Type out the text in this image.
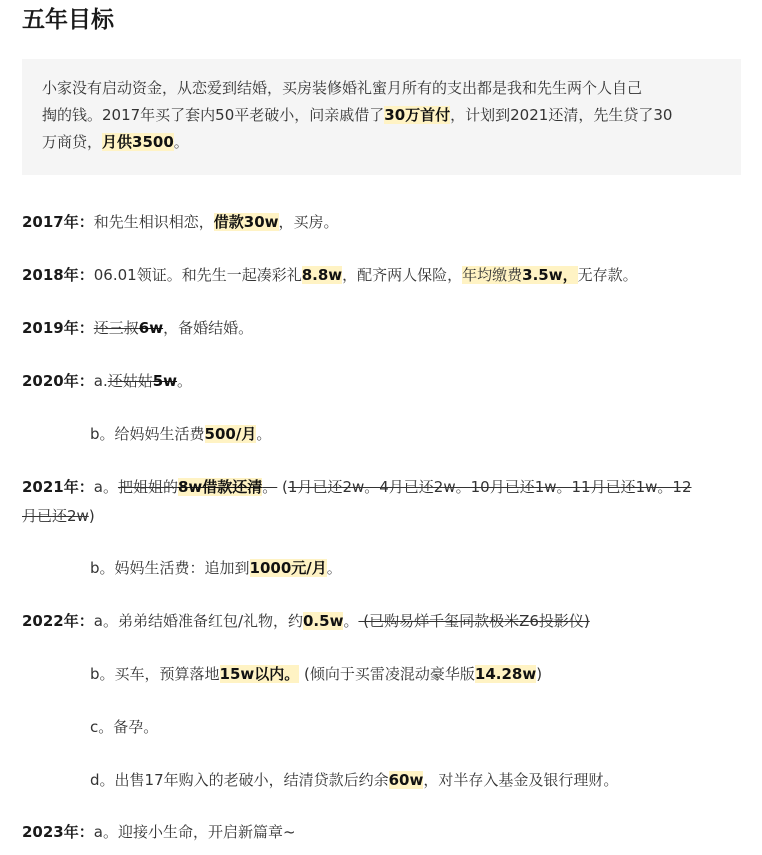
五年目标
小家没有启动资金，从恋爱到结婚，买房装修婚礼蜜月所有的支出都是我和先生两个人自己
掏的钱。2017年买了套内50平老破小，问亲戚借了30万首付，计划到2021还清，先生贷了30
万商贷，月供3500。
2017年：和先生相识相恋，借款30w，买房。
2018年：06.01领证。和先生一起凑彩礼8.8w，配齐两人保险，年均缴费3.5w，无存款。
2019年：还三叔6w，备婚结婚。
2020年：a.还姑姑5w。
b。给妈妈生活费500/月。
2021年：a。把姐姐的8w借款还清。 (1月已还2w。4月已还2w。10月已还1w。11月已还1w。12
月已还2w)
b。妈妈生活费：追加到1000元/月。
2022年：a。弟弟结婚准备红包/礼物，约0.5w。 (已购易烊千玺同款极米Z6投影仪)
b。买车，预算落地15w以内。 (倾向于买雷凌混动豪华版14.28w)
c。备孕。
d。出售17年购入的老破小，结清贷款后约余60w，对半存入基金及银行理财。
2023年：a。迎接小生命，开启新篇章~
